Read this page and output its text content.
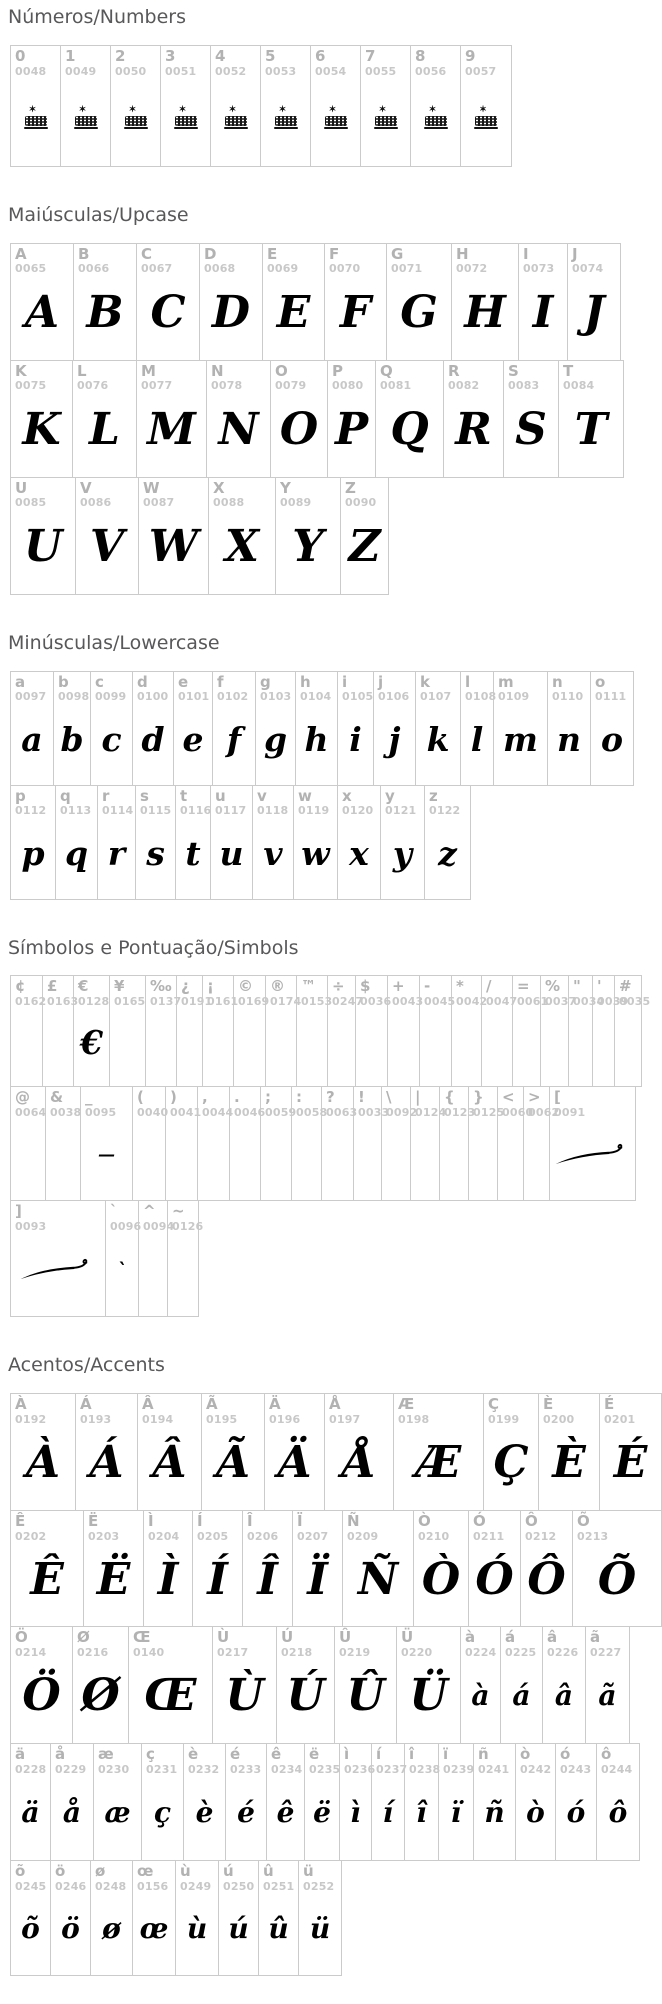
Números/Numbers
0
0048
✶
1
0049
✶
2
0050
✶
3
0051
✶
4
0052
✶
5
0053
✶
6
0054
✶
7
0055
✶
8
0056
✶
9
0057
✶
Maiúsculas/Upcase
A
0065
A
B
0066
B
C
0067
C
D
0068
D
E
0069
E
F
0070
F
G
0071
G
H
0072
H
I
0073
I
J
0074
J
K
0075
K
L
0076
L
M
0077
M
N
0078
N
O
0079
O
P
0080
P
Q
0081
Q
R
0082
R
S
0083
S
T
0084
T
U
0085
U
V
0086
V
W
0087
W
X
0088
X
Y
0089
Y
Z
0090
Z
Minúsculas/Lowercase
a
0097
a
b
0098
b
c
0099
c
d
0100
d
e
0101
e
f
0102
f
g
0103
g
h
0104
h
i
0105
i
j
0106
j
k
0107
k
l
0108
l
m
0109
m
n
0110
n
o
0111
o
p
0112
p
q
0113
q
r
0114
r
s
0115
s
t
0116
t
u
0117
u
v
0118
v
w
0119
w
x
0120
x
y
0121
y
z
0122
z
Símbolos e Pontuação/Simbols
¢
0162
£
0163
€
0128
€
¥
0165
‰
0137
¿
0191
¡
0161
©
0169
®
0174
™
0153
÷
0247
$
0036
+
0043
-
0045
*
0042
/
0047
=
0061
%
0037
"
0034
'
0039
#
0035
@
0064
&
0038
_
0095
—
(
0040
)
0041
,
0044
.
0046
;
0059
:
0058
?
0063
!
0033
\
0092
|
0124
{
0123
}
0125
<
0060
>
0062
[
0091
]
0093
`
0096
`
^
0094
~
0126
Acentos/Accents
À
0192
À
Á
0193
Á
Â
0194
Â
Ã
0195
Ã
Ä
0196
Ä
Å
0197
Å
Æ
0198
Æ
Ç
0199
Ç
È
0200
È
É
0201
É
Ê
0202
Ê
Ë
0203
Ë
Ì
0204
Ì
Í
0205
Í
Î
0206
Î
Ï
0207
Ï
Ñ
0209
Ñ
Ò
0210
Ò
Ó
0211
Ó
Ô
0212
Ô
Õ
0213
Õ
Ö
0214
Ö
Ø
0216
Ø
Œ
0140
Œ
Ù
0217
Ù
Ú
0218
Ú
Û
0219
Û
Ü
0220
Ü
à
0224
à
á
0225
á
â
0226
â
ã
0227
ã
ä
0228
ä
å
0229
å
æ
0230
æ
ç
0231
ç
è
0232
è
é
0233
é
ê
0234
ê
ë
0235
ë
ì
0236
ì
í
0237
í
î
0238
î
ï
0239
ï
ñ
0241
ñ
ò
0242
ò
ó
0243
ó
ô
0244
ô
õ
0245
õ
ö
0246
ö
ø
0248
ø
œ
0156
œ
ù
0249
ù
ú
0250
ú
û
0251
û
ü
0252
ü
